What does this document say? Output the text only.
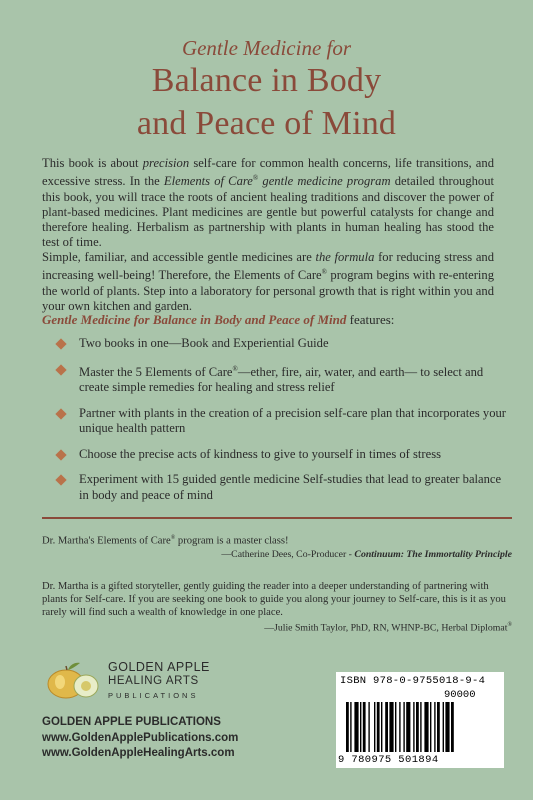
Gentle Medicine for
Balance in Body
and Peace of Mind

This book is about precision self-care for common health concerns, life transitions, and excessive stress. In the Elements of Care® gentle medicine program detailed throughout this book, you will trace the roots of ancient healing traditions and discover the power of plant-based medicines. Plant medicines are gentle but powerful catalysts for change and therefore healing. Herbalism as partnership with plants in human healing has stood the test of time.

Simple, familiar, and accessible gentle medicines are the formula for reducing stress and increasing well-being! Therefore, the Elements of Care® program begins with re-entering the world of plants. Step into a laboratory for personal growth that is right within you and your own kitchen and garden.

Gentle Medicine for Balance in Body and Peace of Mind features:
Two books in one—Book and Experiential Guide
Master the 5 Elements of Care®—ether, fire, air, water, and earth— to select and create simple remedies for healing and stress relief
Partner with plants in the creation of a precision self-care plan that incorporates your unique health pattern
Choose the precise acts of kindness to give to yourself in times of stress
Experiment with 15 guided gentle medicine Self-studies that lead to greater balance in body and peace of mind

Dr. Martha's Elements of Care® program is a master class!
—Catherine Dees, Co-Producer - Continuum: The Immortality Principle

Dr. Martha is a gifted storyteller, gently guiding the reader into a deeper understanding of partnering with plants for Self-care. If you are seeking one book to guide you along your journey to Self-care, this is it as you rarely will find such a wealth of knowledge in one place.
—Julie Smith Taylor, PhD, RN, WHNP-BC, Herbal Diplomat®

GOLDEN APPLE
HEALING ARTS
PUBLICATIONS
GOLDEN APPLE PUBLICATIONS
www.GoldenApplePublications.com
www.GoldenAppleHealingArts.com
ISBN 978-0-9755018-9-4
90000
9 780975 501894
